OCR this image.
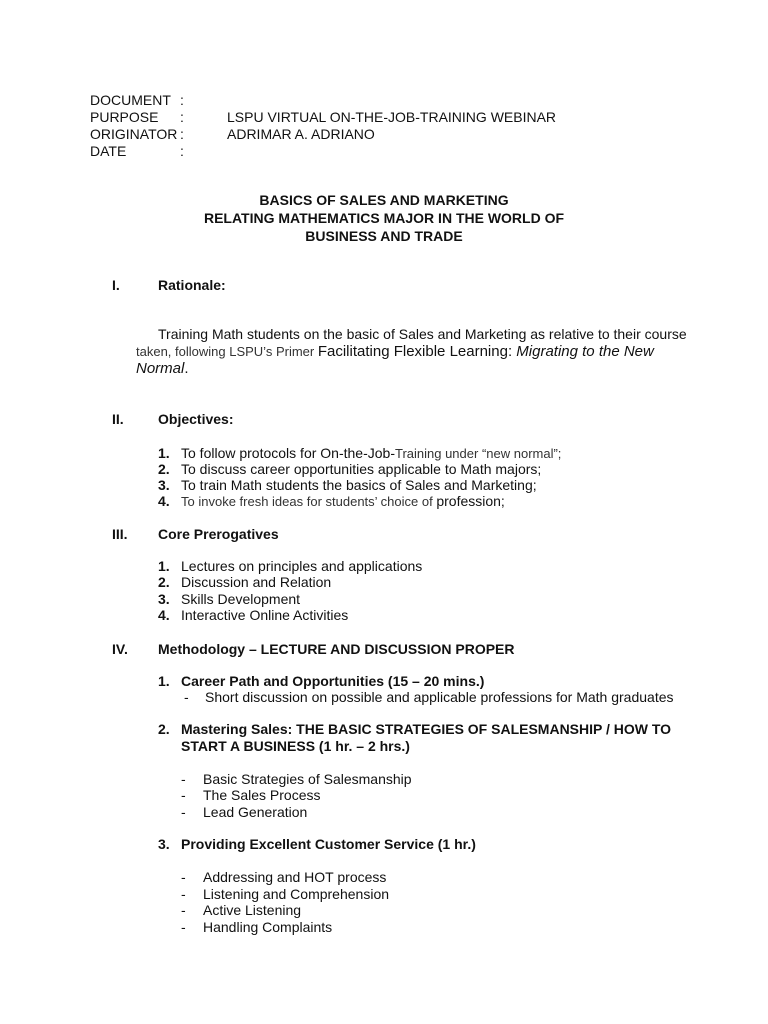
DOCUMENT :
PURPOSE :	LSPU VIRTUAL ON-THE-JOB-TRAINING WEBINAR
ORIGINATOR :	ADRIMAR A. ADRIANO
DATE	:
BASICS OF SALES AND MARKETING
RELATING MATHEMATICS MAJOR IN THE WORLD OF
BUSINESS AND TRADE
I.	Rationale:
Training Math students on the basic of Sales and Marketing as relative to their course
taken, following LSPU’s Primer Facilitating Flexible Learning: Migrating to the New
Normal.
II. Objectives:
1. To follow protocols for On-the-Job-Training under “new normal”;
2. To discuss career opportunities applicable to Math majors;
3. To train Math students the basics of Sales and Marketing;
4. To invoke fresh ideas for students’ choice of profession;
III. Core Prerogatives
1. Lectures on principles and applications
2. Discussion and Relation
3. Skills Development
4. Interactive Online Activities
IV. Methodology – LECTURE AND DISCUSSION PROPER
1. Career Path and Opportunities (15 – 20 mins.)
- Short discussion on possible and applicable professions for Math graduates
2. Mastering Sales: THE BASIC STRATEGIES OF SALESMANSHIP / HOW TO
START A BUSINESS (1 hr. – 2 hrs.)
- Basic Strategies of Salesmanship
- The Sales Process
- Lead Generation
3. Providing Excellent Customer Service (1 hr.)
- Addressing and HOT process
- Listening and Comprehension
- Active Listening
- Handling Complaints
